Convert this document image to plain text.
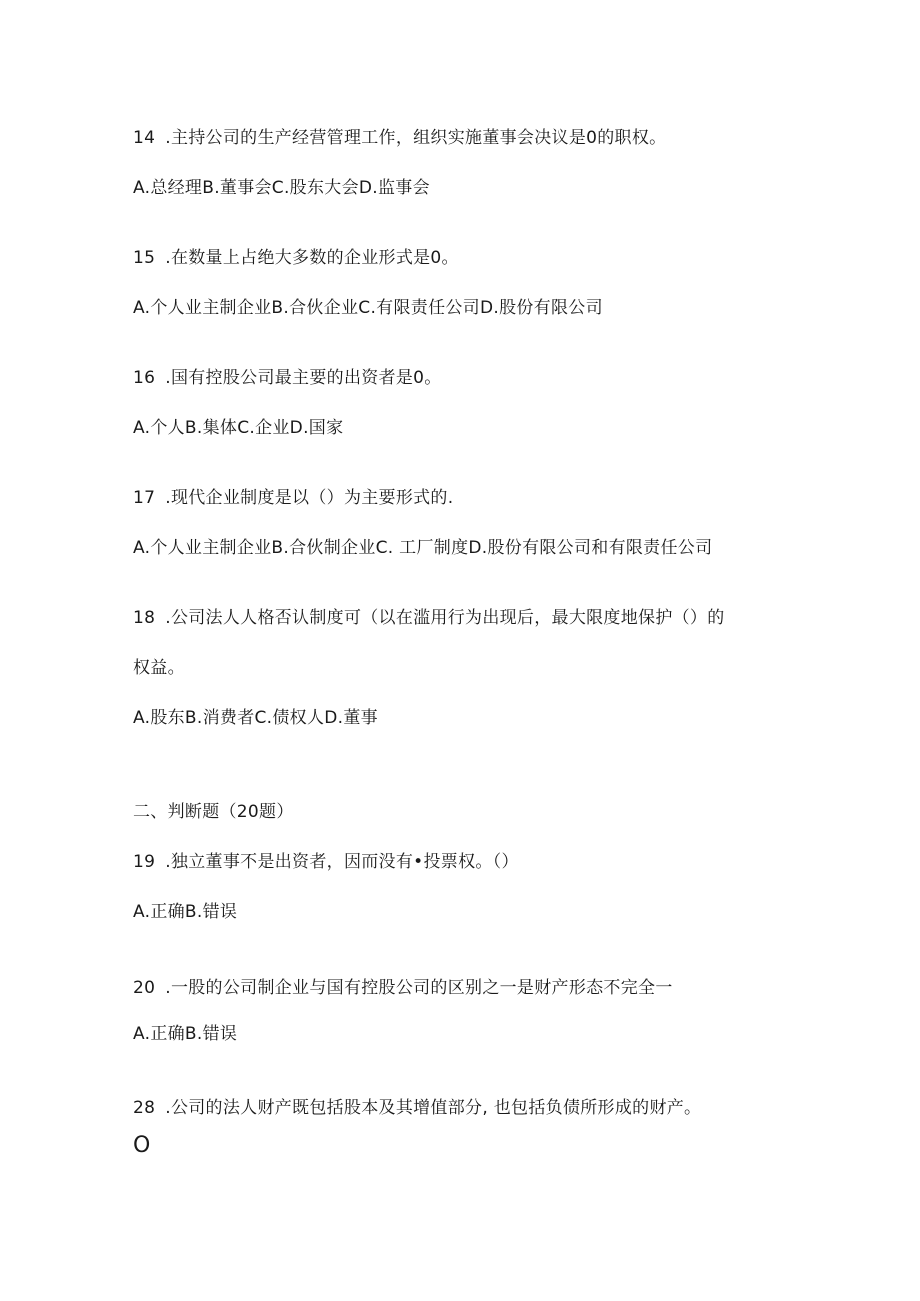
14 .主持公司的生产经营管理工作，组织实施董事会决议是0的职权。
A.总经理B.董事会C.股东大会D.监事会
15 .在数量上占绝大多数的企业形式是0。
A.个人业主制企业B.合伙企业C.有限责任公司D.股份有限公司
16 .国有控股公司最主要的出资者是0。
A.个人B.集体C.企业D.国家
17 .现代企业制度是以（）为主要形式的.
A.个人业主制企业B.合伙制企业C. 工厂制度D.股份有限公司和有限责任公司
18 .公司法人人格否认制度可（以在滥用行为出现后，最大限度地保护（）的
权益。
A.股东B.消费者C.债权人D.董事
二、判断题（20题）
19 .独立董事不是出资者，因而没有•投票权。（）
A.正确B.错误
20 .一股的公司制企业与国有控股公司的区别之一是财产形态不完全一
A.正确B.错误
28 .公司的法人财产既包括股本及其增值部分, 也包括负债所形成的财产。
O
